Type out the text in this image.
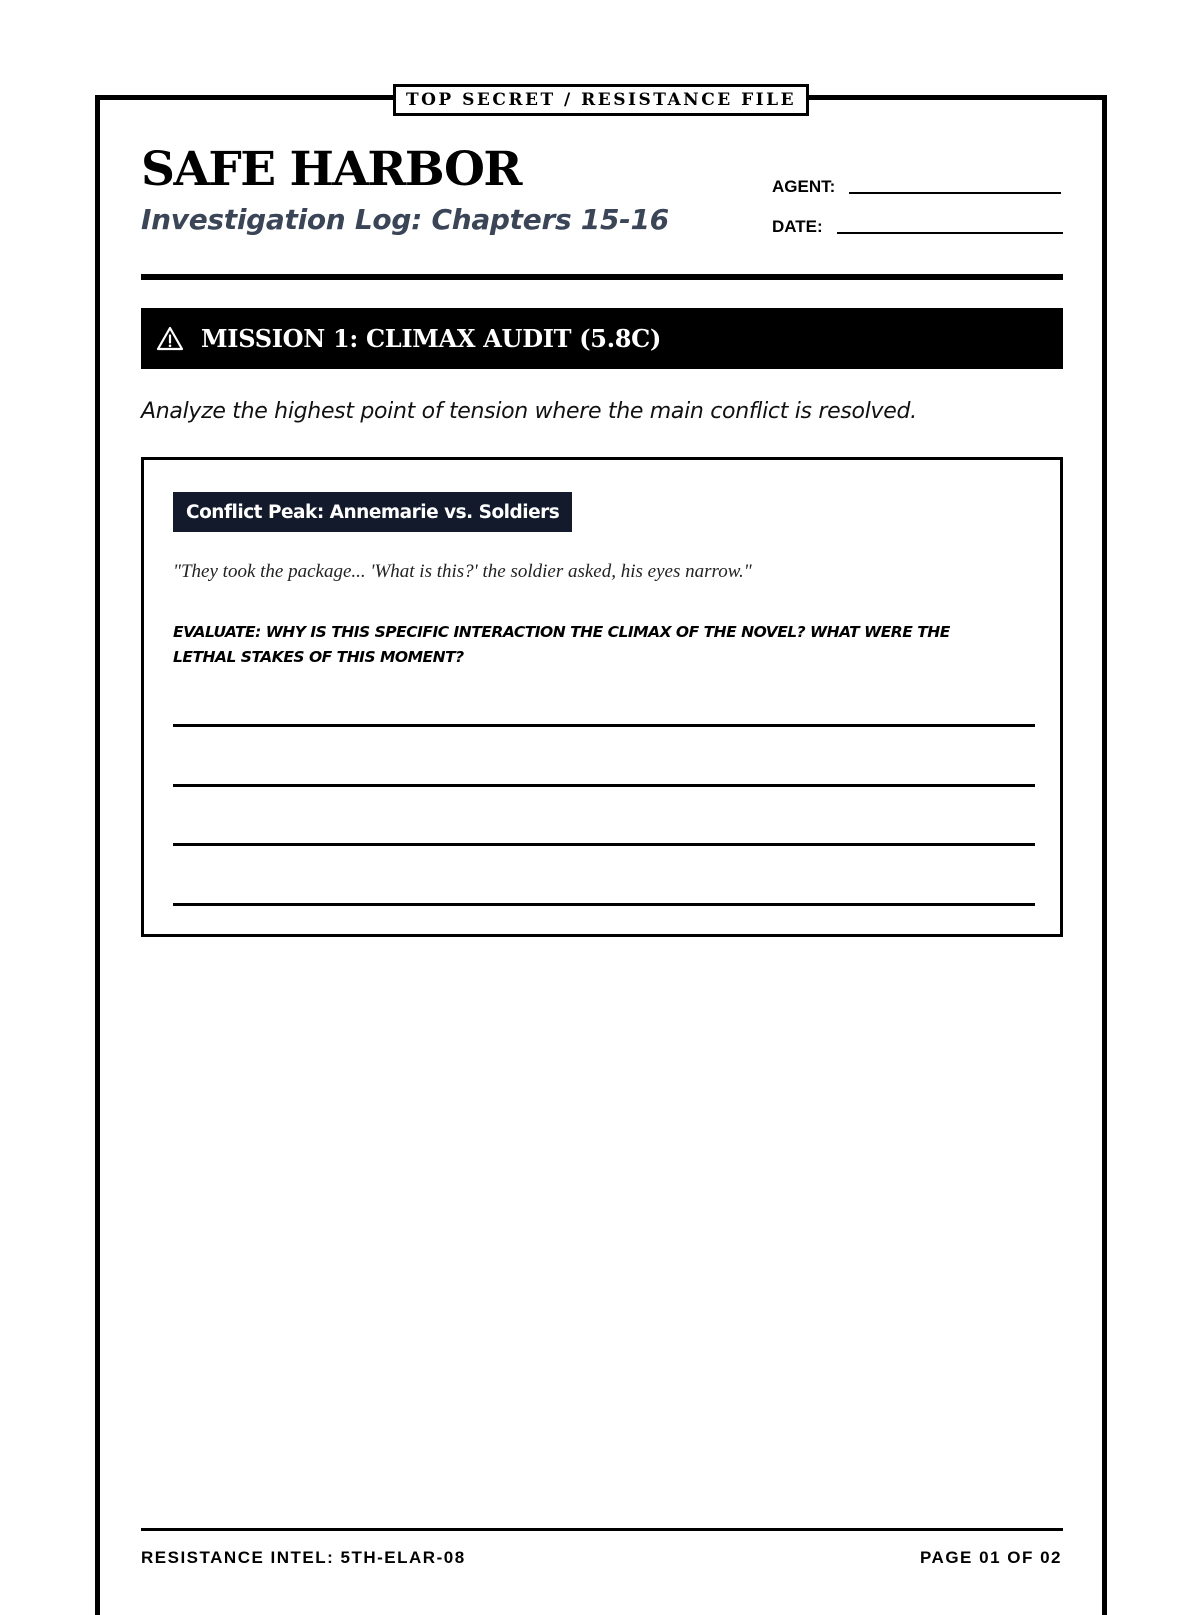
TOP SECRET / RESISTANCE FILE
SAFE HARBOR
Investigation Log: Chapters 15-16
AGENT:
DATE:
MISSION 1: CLIMAX AUDIT (5.8C)
Analyze the highest point of tension where the main conflict is resolved.
Conflict Peak: Annemarie vs. Soldiers
"They took the package... 'What is this?' the soldier asked, his eyes narrow."
EVALUATE: WHY IS THIS SPECIFIC INTERACTION THE CLIMAX OF THE NOVEL? WHAT WERE THE LETHAL STAKES OF THIS MOMENT?
RESISTANCE INTEL: 5TH-ELAR-08	PAGE 01 OF 02
